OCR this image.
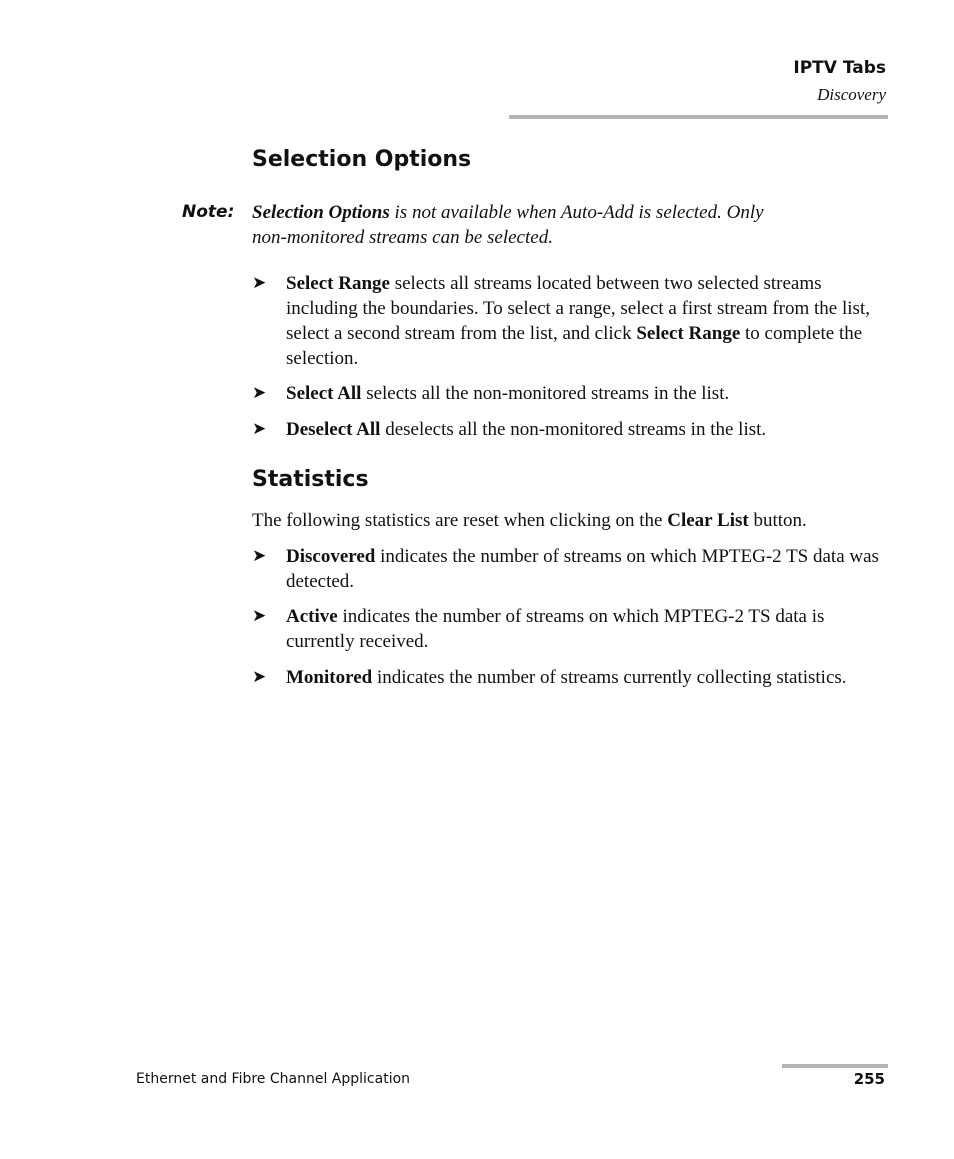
IPTV Tabs
Discovery
Selection Options
Note: Selection Options is not available when Auto-Add is selected. Only
non-monitored streams can be selected.
➤	Select Range selects all streams located between two selected streams including the boundaries. To select a range, select a first stream from the list, select a second stream from the list, and click Select Range to complete the selection.
➤	Select All selects all the non-monitored streams in the list.
➤	Deselect All deselects all the non-monitored streams in the list.
Statistics
The following statistics are reset when clicking on the Clear List button.
➤	Discovered indicates the number of streams on which MPTEG-2 TS data was detected.
➤	Active indicates the number of streams on which MPTEG-2 TS data is currently received.
➤	Monitored indicates the number of streams currently collecting statistics.
Ethernet and Fibre Channel Application	255
